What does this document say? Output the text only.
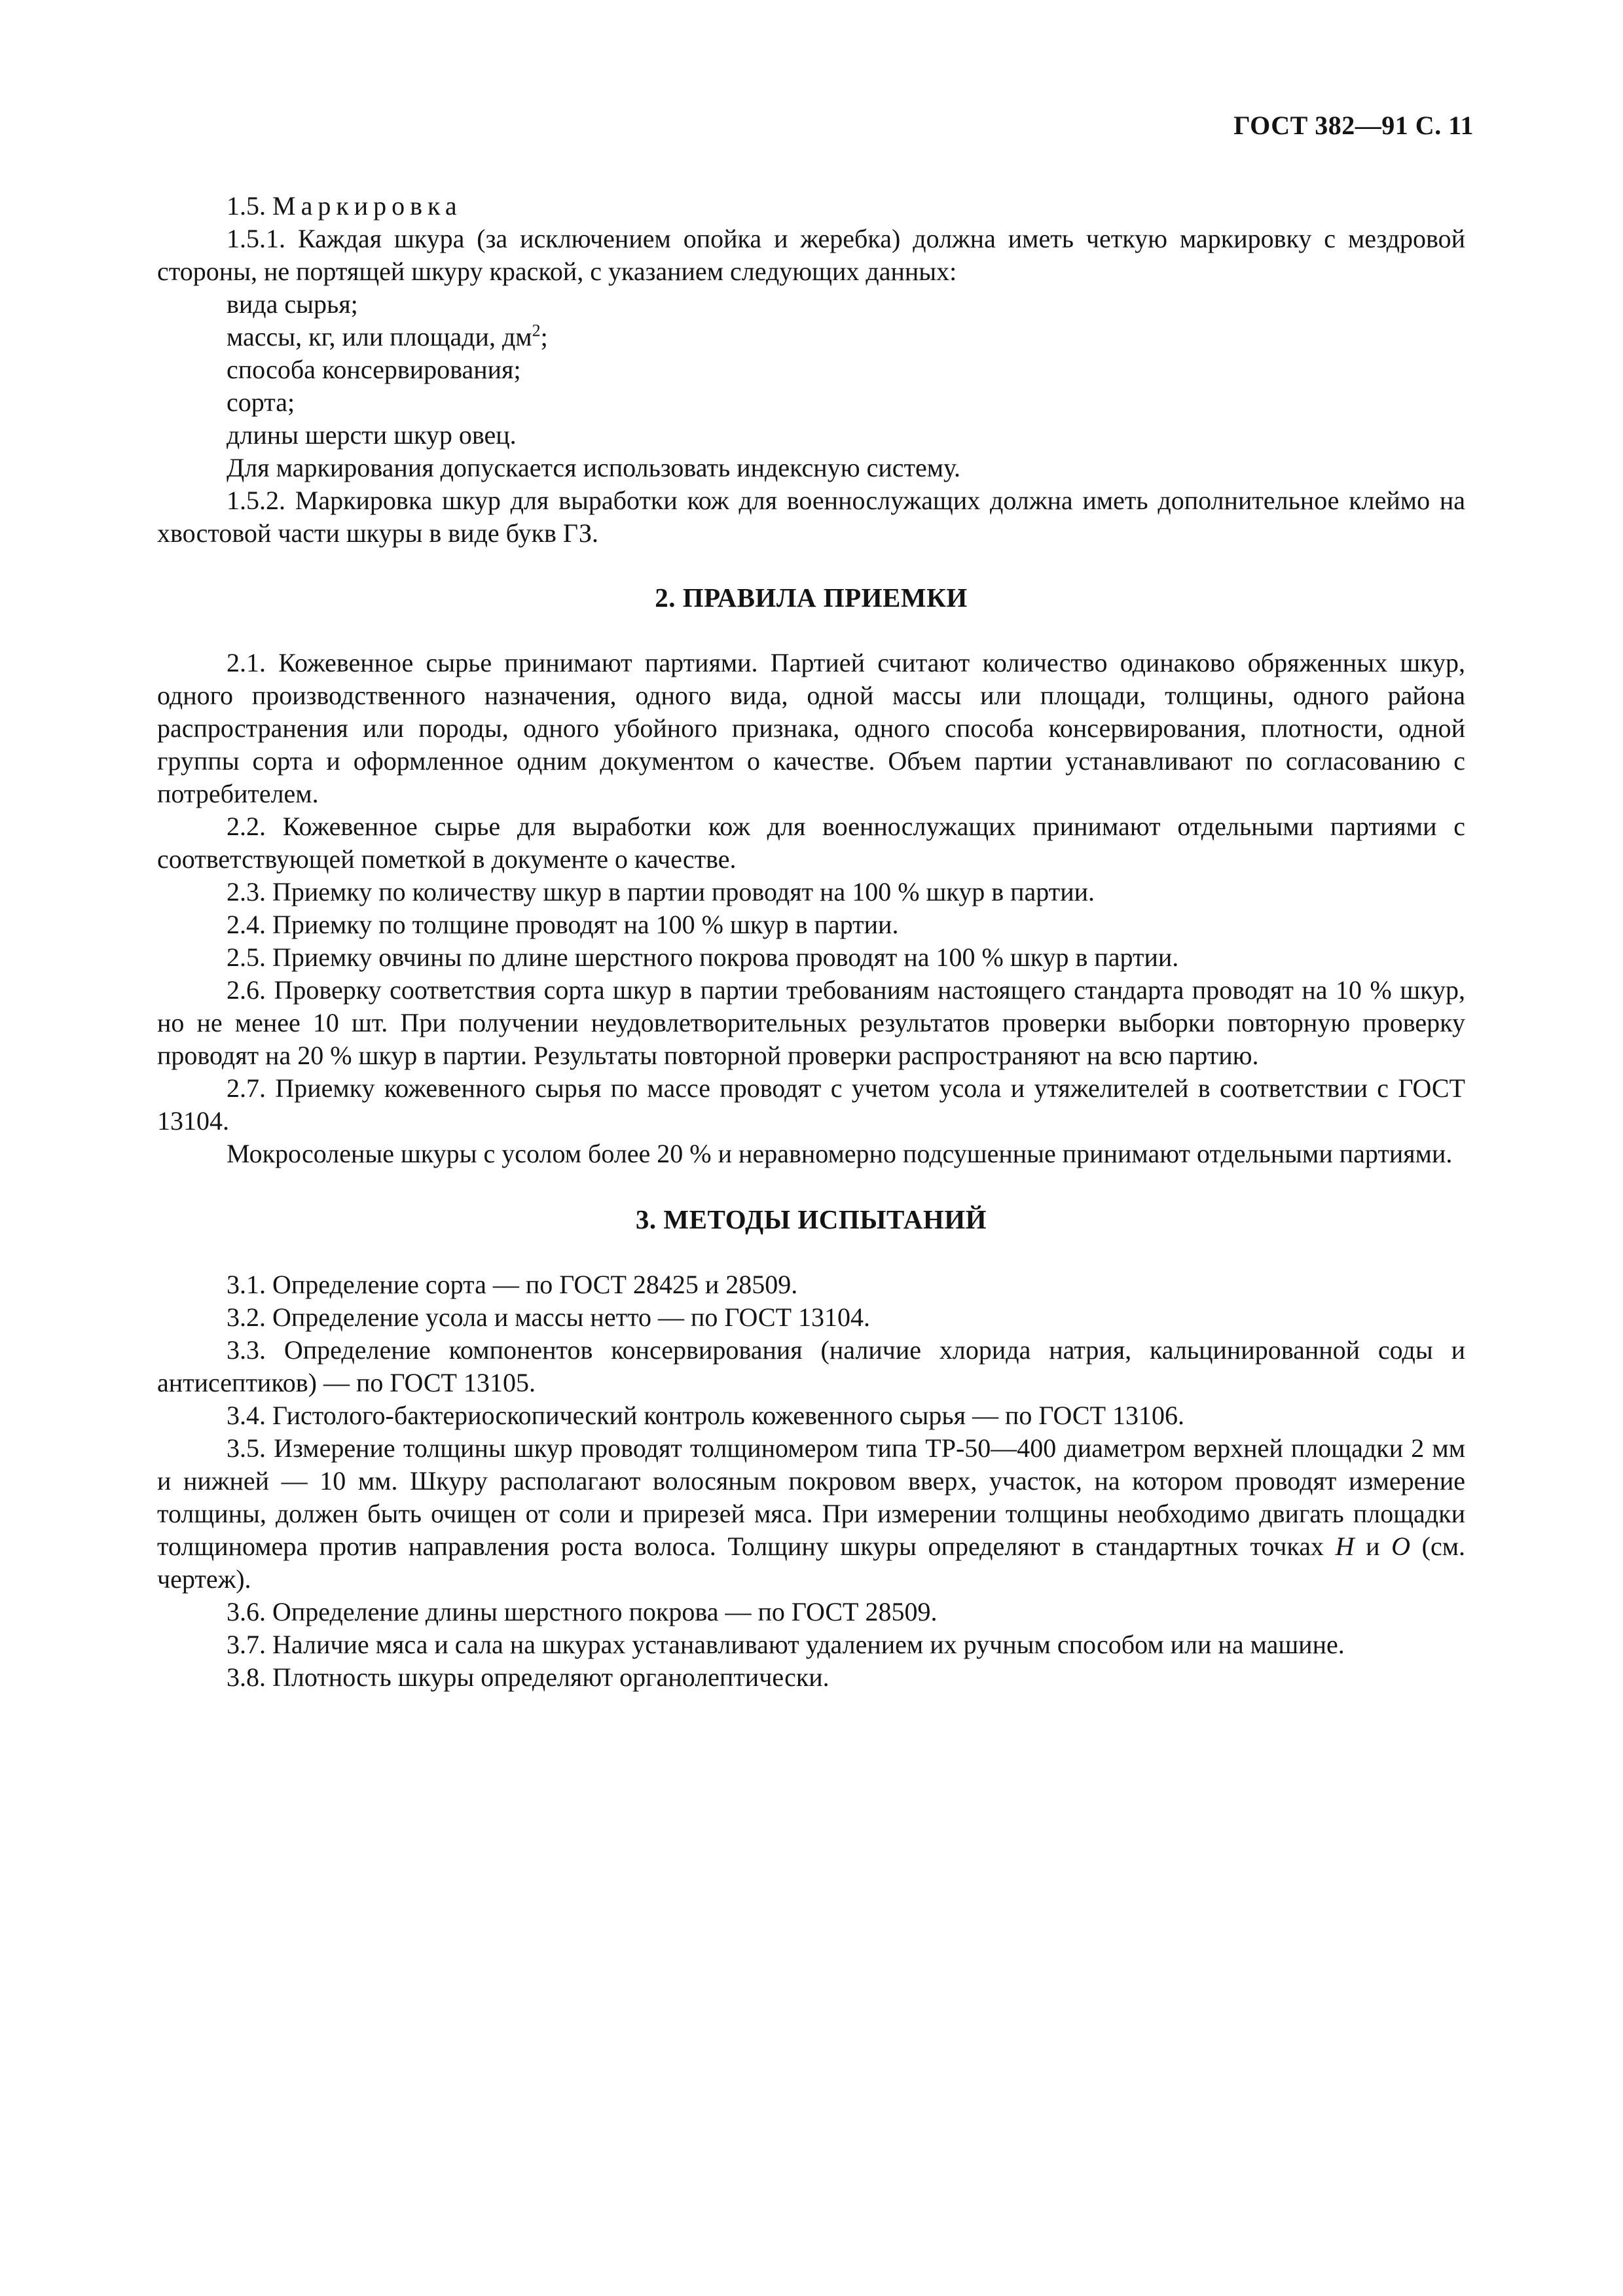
ГОСТ 382—91 С. 11

1.5. Маркировка

1.5.1. Каждая шкура (за исключением опойка и жеребка) должна иметь четкую маркировку с мездровой стороны, не портящей шкуру краской, с указанием следующих данных:

вида сырья;

массы, кг, или площади, $дм^2$;

способа консервирования;

сорта;

длины шерсти шкур овец.

Для маркирования допускается использовать индексную систему.

1.5.2. Маркировка шкур для выработки кож для военнослужащих должна иметь дополнительное клеймо на хвостовой части шкуры в виде букв ГЗ.

2. ПРАВИЛА ПРИЕМКИ

2.1. Кожевенное сырье принимают партиями. Партией считают количество одинаково обряженных шкур, одного производственного назначения, одного вида, одной массы или площади, толщины, одного района распространения или породы, одного убойного признака, одного способа консервирования, плотности, одной группы сорта и оформленное одним документом о качестве. Объем партии устанавливают по согласованию с потребителем.

2.2. Кожевенное сырье для выработки кож для военнослужащих принимают отдельными партиями с соответствующей пометкой в документе о качестве.

2.3. Приемку по количеству шкур в партии проводят на 100 % шкур в партии.

2.4. Приемку по толщине проводят на 100 % шкур в партии.

2.5. Приемку овчины по длине шерстного покрова проводят на 100 % шкур в партии.

2.6. Проверку соответствия сорта шкур в партии требованиям настоящего стандарта проводят на 10 % шкур, но не менее 10 шт. При получении неудовлетворительных результатов проверки выборки повторную проверку проводят на 20 % шкур в партии. Результаты повторной проверки распространяют на всю партию.

2.7. Приемку кожевенного сырья по массе проводят с учетом усола и утяжелителей в соответствии с ГОСТ 13104.

Мокросоленые шкуры с усолом более 20 % и неравномерно подсушенные принимают отдельными партиями.

3. МЕТОДЫ ИСПЫТАНИЙ

3.1. Определение сорта — по ГОСТ 28425 и 28509.

3.2. Определение усола и массы нетто — по ГОСТ 13104.

3.3. Определение компонентов консервирования (наличие хлорида натрия, кальцинированной соды и антисептиков) — по ГОСТ 13105.

3.4. Гистолого-бактериоскопический контроль кожевенного сырья — по ГОСТ 13106.

3.5. Измерение толщины шкур проводят толщиномером типа ТР-50—400 диаметром верхней площадки 2 мм и нижней — 10 мм. Шкуру располагают волосяным покровом вверх, участок, на котором проводят измерение толщины, должен быть очищен от соли и прирезей мяса. При измерении толщины необходимо двигать площадки толщиномера против направления роста волоса. Толщину шкуры определяют в стандартных точках Н и О (см. чертеж).

3.6. Определение длины шерстного покрова — по ГОСТ 28509.

3.7. Наличие мяса и сала на шкурах устанавливают удалением их ручным способом или на машине.

3.8. Плотность шкуры определяют органолептически.
